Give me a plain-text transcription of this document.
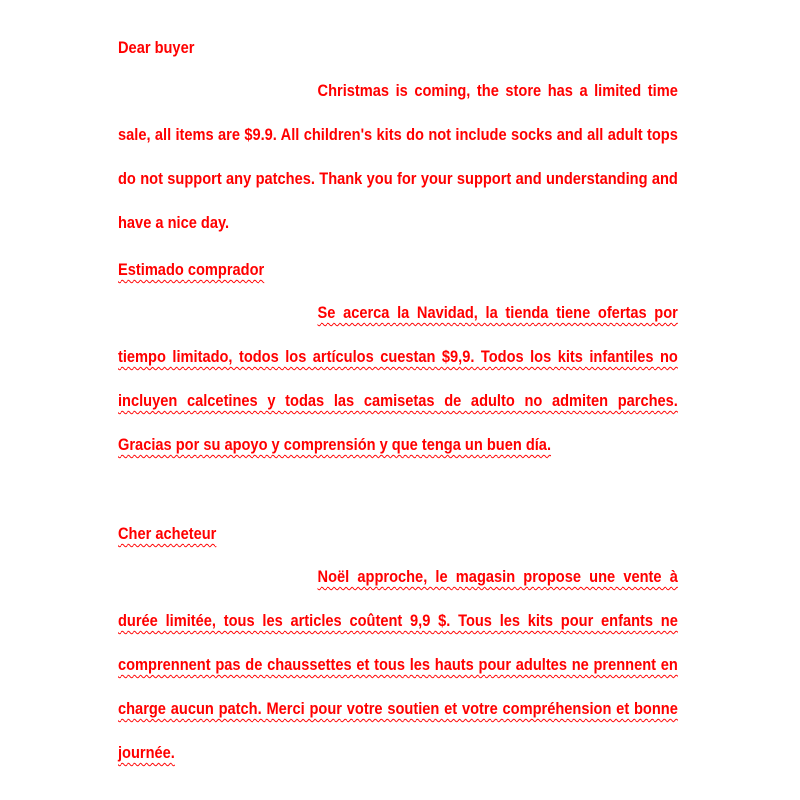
Dear buyer
Christmas is coming, the store has a limited time sale, all items are $9.9. All children's kits do not include socks and all adult tops do not support any patches. Thank you for your support and understanding and have a nice day.
Estimado comprador
Se acerca la Navidad, la tienda tiene ofertas por tiempo limitado, todos los artículos cuestan $9,9. Todos los kits infantiles no incluyen calcetines y todas las camisetas de adulto no admiten parches. Gracias por su apoyo y comprensión y que tenga un buen día.
Cher acheteur
Noël approche, le magasin propose une vente à durée limitée, tous les articles coûtent 9,9 $. Tous les kits pour enfants ne comprennent pas de chaussettes et tous les hauts pour adultes ne prennent en charge aucun patch. Merci pour votre soutien et votre compréhension et bonne journée.
